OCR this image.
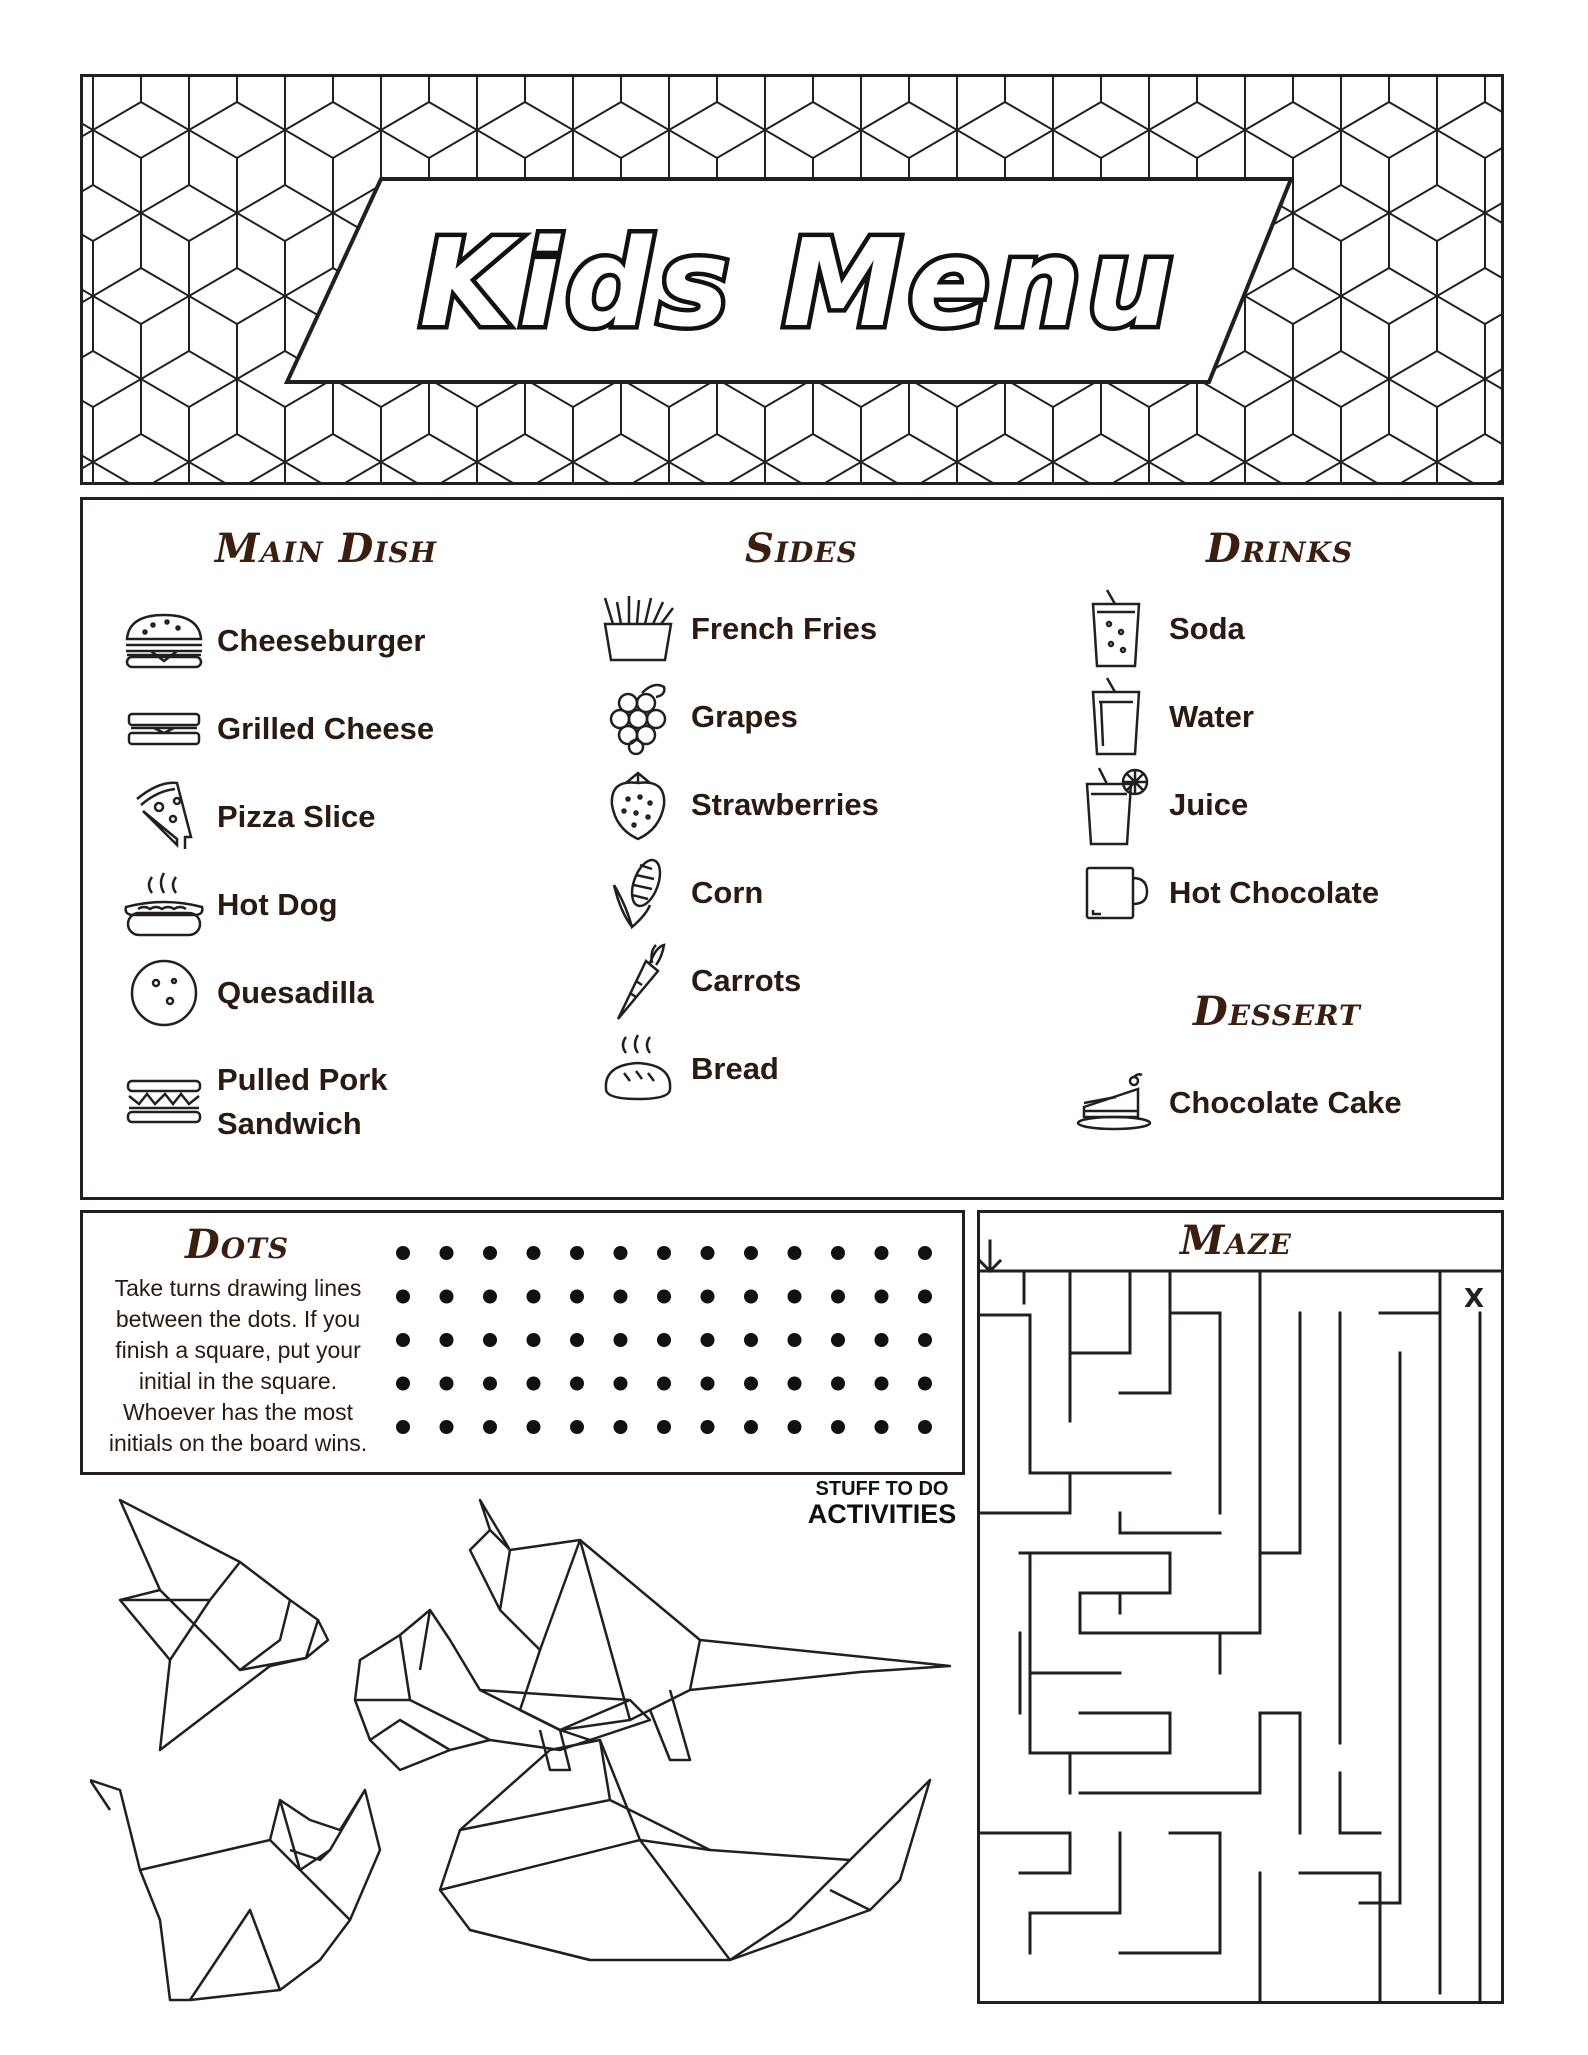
Kids Menu
Main Dish	Sides	Drinks
Dessert
Cheeseburger
Grilled Cheese
Pizza Slice
Hot Dog
Quesadilla
Pulled Pork
Sandwich
French Fries
Grapes
Strawberries
Corn
Carrots
Bread
Soda
Water
Juice
Hot Chocolate
Chocolate Cake
Dots
Take turns drawing lines
between the dots. If you
finish a square, put your
initial in the square.
Whoever has the most
initials on the board wins.
Maze
X
STUFF TO DO
ACTIVITIES
